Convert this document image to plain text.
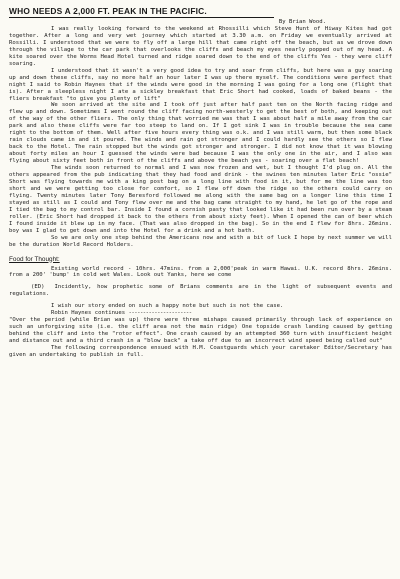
WHO NEEDS A 2,000 FT. PEAK IN THE PACIFIC.
By Brian Wood.

I was really looking forward to the weekend at Rhossilli which Steve Hunt of Hiway Kites had got together. After a long and very wet journey which started at 3.30 a.m. on Friday we eventually arrived at Rossilli. I understood that we were to fly off a large hill that came right off the beach, but as we drove down through the village to the car park that overlooks the cliffs and beach my eyes nearly popped out of my head. A kite soared over the Worms Head Hotel turned and ridge soared down to the end of the cliffs Yes - they were cliff soaring.

I understood that it wasn't a very good idea to try and soar from cliffs, but here was a guy soaring up and down these cliffs, say no more half an hour later I was up there myself. The conditions were perfect that night I said to Robin Haynes that if the winds were good in the morning I was going for a long one (flight that is). After a sleepless night I ate a sickley breakfast that Eric Short had cooked, loads of baked beans - the fliers breakfast "to give you plenty of lift"

We soon arrived at the site and I took off just after half past ten on the North facing ridge and flew up and down. Sometimes I went round the cliff facing north-westerly to get the best of both, and keeping out of the way of the other fliers. The only thing that worried me was that I was about half a mile away from the car park and also these cliffs were far too steep to land on. If I got sink I was in trouble because the sea came right to the bottom of them. Well after five hours every thing was o.k. and I was still warm, but then some black rain clouds came in and it poured. The winds and rain got stronger and I could hardly see the others so I flew back to the Hotel. The rain stopped but the winds got stronger and stronger. I did not know that it was blowing about forty miles an hour I guessed the winds were bad because I was the only one in the air, and I also was flying about sixty feet both in front of the cliffs and above the beach yes - soaring over a flat beach!

The winds soon returned to normal and I was now frozen and wet, but I thought I'd plug on. All the others appeared from the pub indicating that they had food and drink - the swines ten minutes later Eric "ossie" Short was flying towards me with a king post bag on a long line with food in it, but for me the line was too short and we were getting too close for comfort, so I flew off down the ridge so the others could carry on flying. Twenty minutes later Tony Beresford followed me along with the same bag on a longer line this time I stayed as still as I could and Tony flew over me and the bag came straight to my hand, he let go of the rope and I tied the bag to my control bar. Inside I found a cornish pasty that looked like it had been run over by a steam roller. (Eric Short had dropped it back to the others from about sixty feet). When I opened the can of beer which I found inside it blew up in my face. (That was also dropped in the bag). So in the end I flew for 8hrs. 26mins. boy was I glad to get down and into the Hotel for a drink and a hot bath.

So we are only one step behind the Americans now and with a bit of luck I hope by next summer we will be the duration World Record Holders.

Food for Thought:

Existing world record - 10hrs. 47mins. from a 2,000'peak in warm Hawai. U.K. record 8hrs. 26mins. from a 200' 'bump' in cold wet Wales. Look out Yanks, here we come

(ED) Incidently, how prophetic some of Brians comments are in the light of subsequent events and regulations.

I wish our story ended on such a happy note but such is not the case.

Robin Haynes continues ----------------------

"Over the period (while Brian was up) there were three mishaps caused primarily through lack of experience on such an unforgiving site (i.e. the cliff area not the main ridge) One topside crash landing caused by getting behind the cliff and into the "rotor effect". One crash caused by an attempted 360 turn with insufficient height and distance out and a third crash in a "blow back" a take off due to an incorrect wind speed being called out"

The following correspondence ensued with H.M. Coastguards which your caretaker Editor/Secretary has given an undertaking to publish in full.
